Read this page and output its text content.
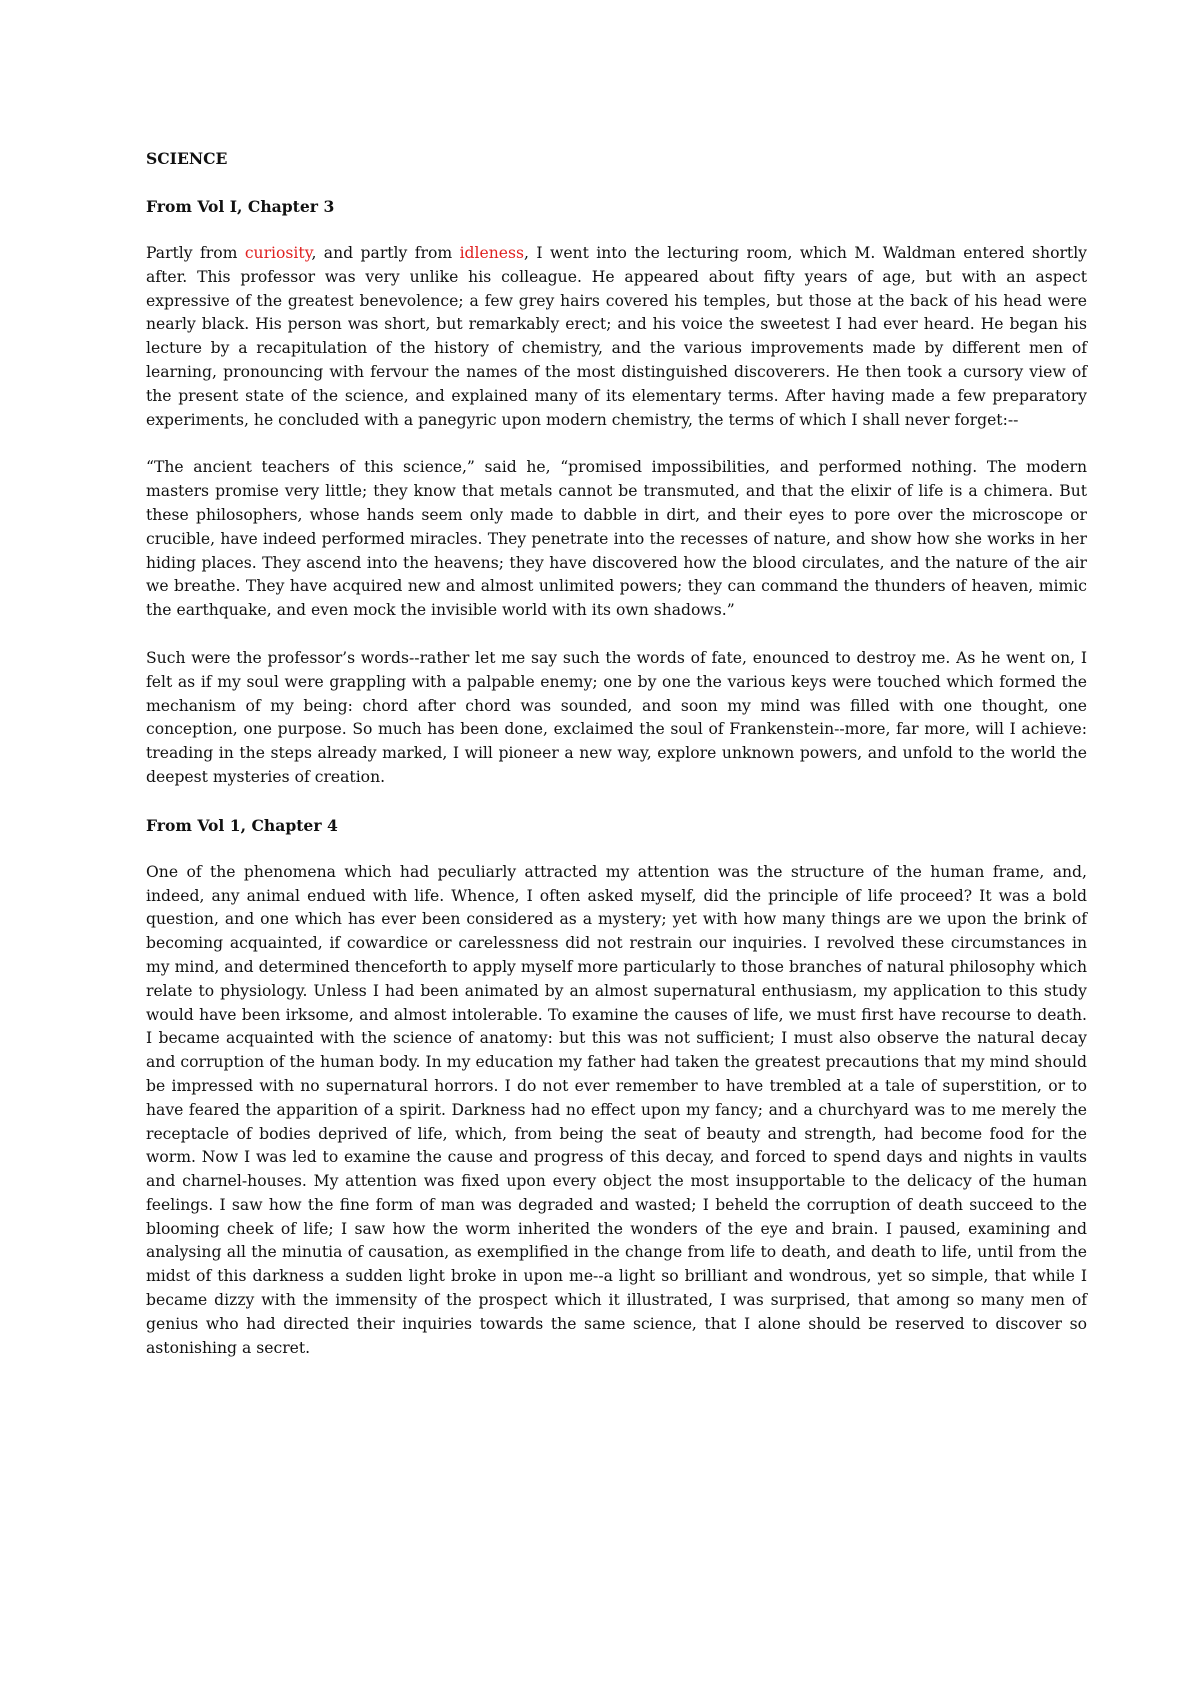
SCIENCE
From Vol I, Chapter 3

Partly from curiosity, and partly from idleness, I went into the lecturing room, which M. Waldman entered shortly after. This professor was very unlike his colleague. He appeared about fifty years of age, but with an aspect expressive of the greatest benevolence; a few grey hairs covered his temples, but those at the back of his head were nearly black. His person was short, but remarkably erect; and his voice the sweetest I had ever heard. He began his lecture by a recapitulation of the history of chemistry, and the various improvements made by different men of learning, pronouncing with fervour the names of the most distinguished discoverers. He then took a cursory view of the present state of the science, and explained many of its elementary terms. After having made a few preparatory experiments, he concluded with a panegyric upon modern chemistry, the terms of which I shall never forget:--

“The ancient teachers of this science,” said he, “promised impossibilities, and performed nothing. The modern masters promise very little; they know that metals cannot be transmuted, and that the elixir of life is a chimera. But these philosophers, whose hands seem only made to dabble in dirt, and their eyes to pore over the microscope or crucible, have indeed performed miracles. They penetrate into the recesses of nature, and show how she works in her hiding places. They ascend into the heavens; they have discovered how the blood circulates, and the nature of the air we breathe. They have acquired new and almost unlimited powers; they can command the thunders of heaven, mimic the earthquake, and even mock the invisible world with its own shadows.”

Such were the professor’s words--rather let me say such the words of fate, enounced to destroy me. As he went on, I felt as if my soul were grappling with a palpable enemy; one by one the various keys were touched which formed the mechanism of my being: chord after chord was sounded, and soon my mind was filled with one thought, one conception, one purpose. So much has been done, exclaimed the soul of Frankenstein--more, far more, will I achieve: treading in the steps already marked, I will pioneer a new way, explore unknown powers, and unfold to the world the deepest mysteries of creation.

From Vol 1, Chapter 4

One of the phenomena which had peculiarly attracted my attention was the structure of the human frame, and, indeed, any animal endued with life. Whence, I often asked myself, did the principle of life proceed? It was a bold question, and one which has ever been considered as a mystery; yet with how many things are we upon the brink of becoming acquainted, if cowardice or carelessness did not restrain our inquiries. I revolved these circumstances in my mind, and determined thenceforth to apply myself more particularly to those branches of natural philosophy which relate to physiology. Unless I had been animated by an almost supernatural enthusiasm, my application to this study would have been irksome, and almost intolerable. To examine the causes of life, we must first have recourse to death. I became acquainted with the science of anatomy: but this was not sufficient; I must also observe the natural decay and corruption of the human body. In my education my father had taken the greatest precautions that my mind should be impressed with no supernatural horrors. I do not ever remember to have trembled at a tale of superstition, or to have feared the apparition of a spirit. Darkness had no effect upon my fancy; and a churchyard was to me merely the receptacle of bodies deprived of life, which, from being the seat of beauty and strength, had become food for the worm. Now I was led to examine the cause and progress of this decay, and forced to spend days and nights in vaults and charnel-houses. My attention was fixed upon every object the most insupportable to the delicacy of the human feelings. I saw how the fine form of man was degraded and wasted; I beheld the corruption of death succeed to the blooming cheek of life; I saw how the worm inherited the wonders of the eye and brain. I paused, examining and analysing all the minutia of causation, as exemplified in the change from life to death, and death to life, until from the midst of this darkness a sudden light broke in upon me--a light so brilliant and wondrous, yet so simple, that while I became dizzy with the immensity of the prospect which it illustrated, I was surprised, that among so many men of genius who had directed their inquiries towards the same science, that I alone should be reserved to discover so astonishing a secret.
